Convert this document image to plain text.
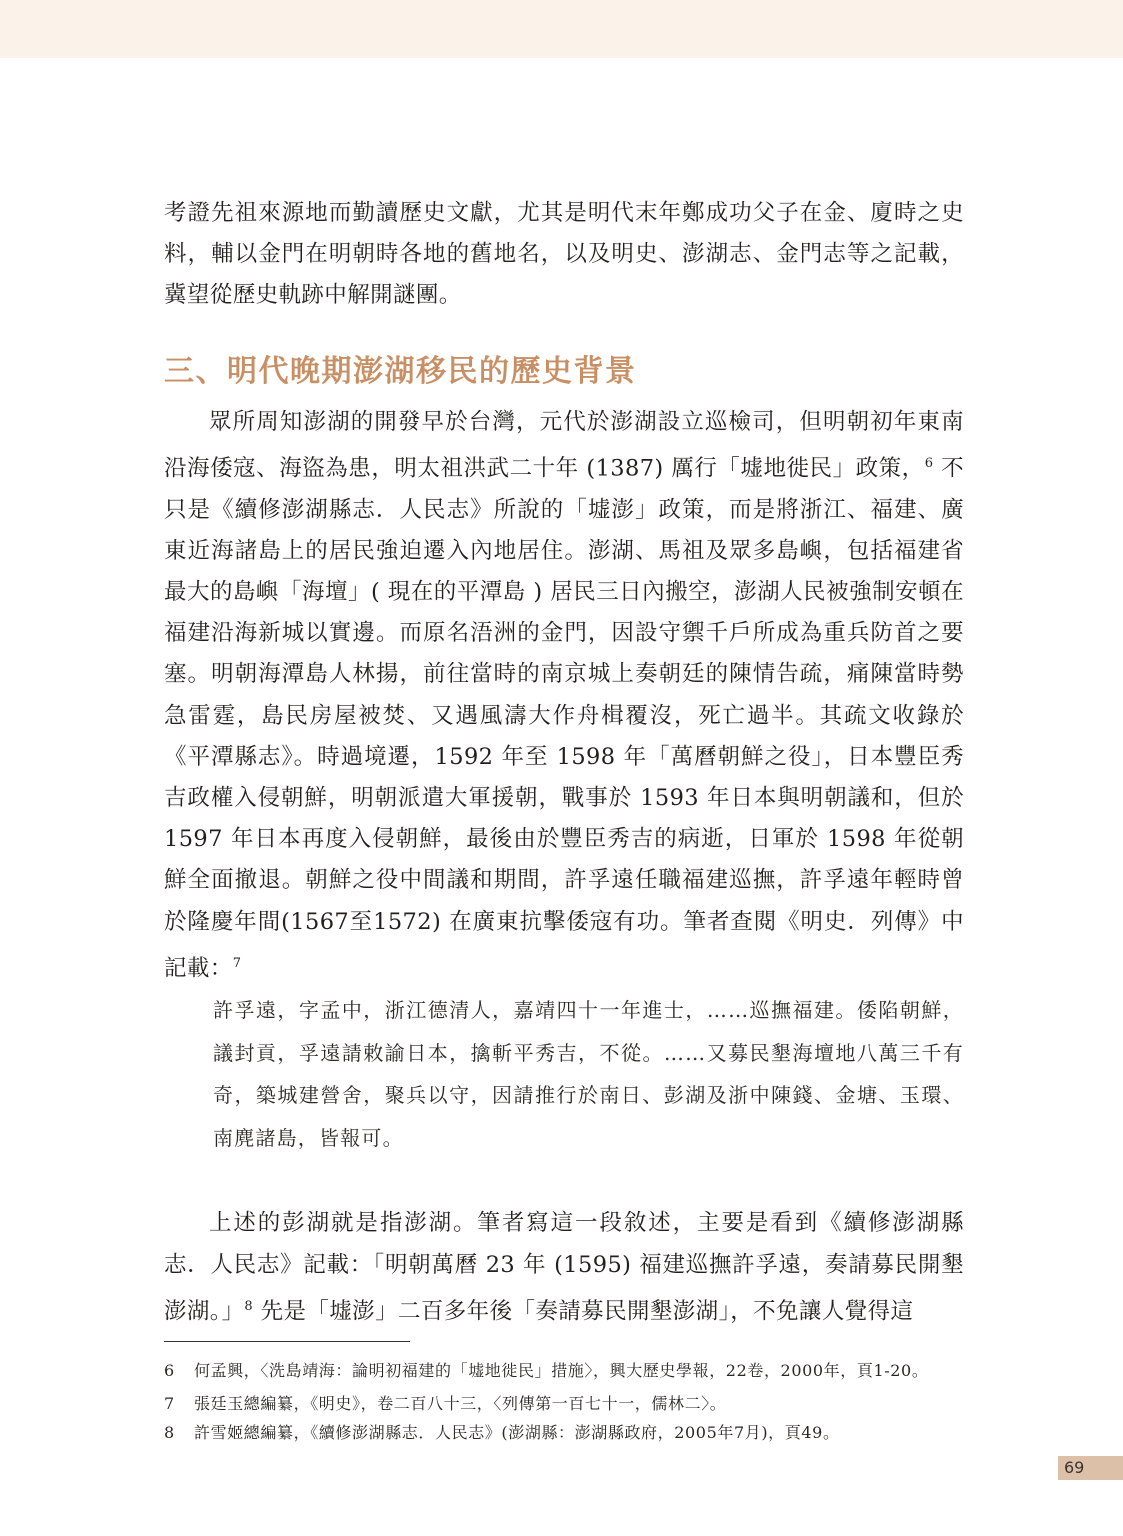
考證先祖來源地而勤讀歷史文獻，尤其是明代末年鄭成功父子在金、廈時之史料，輔以金門在明朝時各地的舊地名，以及明史、澎湖志、金門志等之記載，冀望從歷史軌跡中解開謎團。

三、明代晚期澎湖移民的歷史背景

眾所周知澎湖的開發早於台灣，元代於澎湖設立巡檢司，但明朝初年東南沿海倭寇、海盜為患，明太祖洪武二十年 (1387) 厲行「墟地徙民」政策，$^6$ 不只是《續修澎湖縣志．人民志》所說的「墟澎」政策，而是將浙江、福建、廣東近海諸島上的居民強迫遷入內地居住。澎湖、馬祖及眾多島嶼，包括福建省最大的島嶼「海壇」( 現在的平潭島 ) 居民三日內搬空，澎湖人民被強制安頓在福建沿海新城以實邊。而原名浯洲的金門，因設守禦千戶所成為重兵防首之要塞。明朝海潭島人林揚，前往當時的南京城上奏朝廷的陳情告疏，痛陳當時勢急雷霆，島民房屋被焚、又遇風濤大作舟楫覆沒，死亡過半。其疏文收錄於《平潭縣志》。時過境遷，1592 年至 1598 年「萬曆朝鮮之役」，日本豐臣秀吉政權入侵朝鮮，明朝派遣大軍援朝，戰事於 1593 年日本與明朝議和，但於 1597 年日本再度入侵朝鮮，最後由於豐臣秀吉的病逝，日軍於 1598 年從朝鮮全面撤退。朝鮮之役中間議和期間，許孚遠任職福建巡撫，許孚遠年輕時曾於隆慶年間(1567至1572) 在廣東抗擊倭寇有功。筆者查閱《明史．列傳》中記載：$^7$

許孚遠，字孟中，浙江德清人，嘉靖四十一年進士，……巡撫福建。倭陷朝鮮，議封貢，孚遠請敕諭日本，擒斬平秀吉，不從。……又募民墾海壇地八萬三千有奇，築城建營舍，聚兵以守，因請推行於南日、彭湖及浙中陳錢、金塘、玉環、南麂諸島，皆報可。

上述的彭湖就是指澎湖。筆者寫這一段敘述，主要是看到《續修澎湖縣志．人民志》記載：「明朝萬曆 23 年 (1595) 福建巡撫許孚遠，奏請募民開墾澎湖。」$^8$ 先是「墟澎」二百多年後「奏請募民開墾澎湖」，不免讓人覺得這

6	何孟興，〈洗島靖海：論明初福建的「墟地徙民」措施〉，興大歷史學報，22卷，2000年，頁1-20。
7	張廷玉總編纂，《明史》，卷二百八十三，〈列傳第一百七十一，儒林二〉。
8	許雪姬總編纂，《續修澎湖縣志．人民志》(澎湖縣：澎湖縣政府，2005年7月)，頁49。
69
